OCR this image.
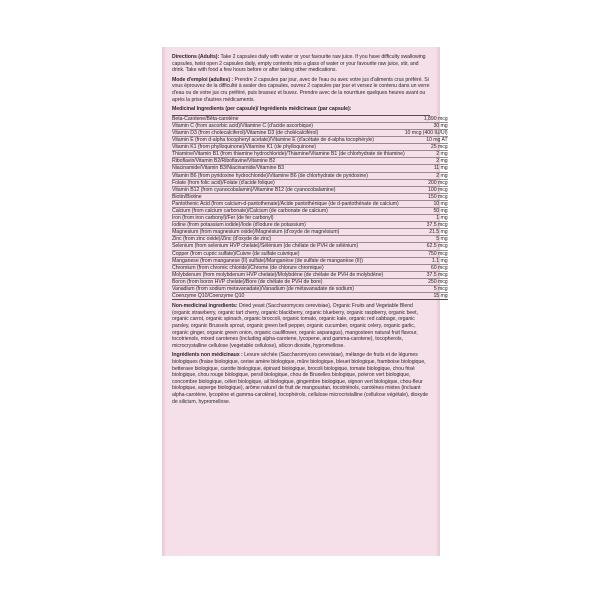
Directions (Adults): Take 2 capsules daily with water or your favourite raw juice. If you have difficulty swallowing capsules, twist open 2 capsules daily, empty contents into a glass of water or your favourite raw juice, stir, and drink. Take with food a few hours before or after taking other medications.

Mode d'emploi (adultes) : Prendre 2 capsules par jour, avec de l'eau ou avec votre jus d'aliments crus préféré. Si vous éprouvez de la difficulté à avaler des capsules, ouvrez 2 capsules par jour et versez le contenu dans un verre d'eau ou de votre jus cru préféré, puis brassez et buvez. Prendre avec de la nourriture quelques heures avant ou après la prise d'autres médicaments.

Medicinal Ingredients (per capsule)/ Ingrédients médicinaux (par capsule):
Beta-Carotene/Bêta-carotène	1,890 mcg
Vitamin C (from ascorbic acid)/Vitamine C (d'acide ascorbique)	30 mg
Vitamin D3 (from cholecalciferol)/Vitamine D3 (de cholécalciférol)	10 mcg (400 IU/UI)
Vitamin E (from d-alpha tocopheryl acetate)/Vitamine E (d'acétate de d-alpha tocophéryle)	10 mg AT
Vitamin K1 (from phylloquinone)/Vitamine K1 (de phylloquinone)	25 mcg
Thiamine/Vitamin B1 (from thiamine hydrochloride)/Thiamine/Vitamine B1 (de chlorhydrate de thiamine)	2 mg
Riboflavin/Vitamin B2/Riboflavine/Vitamine B2	2 mg
Niacinamide/Vitamin B3/Niacinamide/Vitamine B3	11 mg
Vitamin B6 (from pyridoxine hydrochloride)/Vitamine B6 (de chlorhydrate de pyridoxine)	2 mg
Folate (from folic acid)/Folate (d'acide folique)	200 mcg
Vitamin B12 (from cyanocobalamin)/Vitamine B12 (de cyanocobalamine)	100 mcg
Biotin/Biotine	150 mcg
Pantothenic Acid (from calcium-d-pantothenate)/Acide pantothénique (de d-pantothénate de calcium)	10 mg
Calcium (from calcium carbonate)/Calcium (de carbonate de calcium)	50 mg
Iron (from iron carbonyl)/Fer (de fer carbonyl)	1 mg
Iodine (from potassium iodide)/Iode (d'iodure de potassium)	37.5 mcg
Magnesium (from magnesium oxide)/Magnésium (d'oxyde de magnésium)	21.5 mg
Zinc (from zinc oxide)/Zinc (d'oxyde de zinc)	5 mg
Selenium (from selenium HVP chelate)/Sélénium (de chélate de PVH de sélénium)	62.5 mcg
Copper (from cupric sulfate)/Cuivre (de sulfate cuivrique)	750 mcg
Manganese (from manganese (II) sulfate)/Manganèse (de sulfate de manganèse (II))	1.1 mg
Chromium (from chromic chloride)/Chrome (de chlorure chromique)	60 mcg
Molybdenum (from molybdenum HVP chelate)/Molybdène (de chélate de PVH de molybdène)	37.5 mcg
Boron (from boron HVP chelate)/Bore (de chélate de PVH de bore)	250 mcg
Vanadium (from sodium metavanadate)/Vanadium (de métavanadate de sodium)	5 mcg
Coenzyme Q10/Coenzyme Q10	15 mg

Non-medicinal ingredients: Dried yeast (Saccharomyces cerevisiae), Organic Fruits and Vegetable Blend (organic strawberry, organic tart cherry, organic blackberry, organic blueberry, organic raspberry, organic beet, organic carrot, organic spinach, organic broccoli, organic tomato, organic kale, organic red cabbage, organic parsley, organic Brussels sprout, organic green bell pepper, organic cucumber, organic celery, organic garlic, organic ginger, organic green onion, organic cauliflower, organic asparagus), mangosteen natural fruit flavour, tocotrienols, mixed carotenes (including alpha-carotene, lycopene, and gamma-carotene), tocopherols, microcrystalline cellulose (vegetable cellulose), silicon dioxide, hypromellose.

Ingrédients non médicinaux : Levure séchée (Saccharomyces cerevisiae), mélange de fruits et de légumes biologiques (fraise biologique, cerise amère biologique, mûre biologique, bleuet biologique, framboise biologique, betterave biologique, carotte biologique, épinard biologique, brocoli biologique, tomate biologique, chou frisé biologique, chou rouge biologique, persil biologique, chou de Bruxelles biologique, poivron vert biologique, concombre biologique, céleri biologique, ail biologique, gingembre biologique, oignon vert biologique, chou-fleur biologique, asperge biologique), arôme naturel de fruit de mangoustan, tocotriénols, carotènes mixtes (incluant alpha-carotène, lycopène et gamma-carotène), tocophérols, cellulose microcristalline (cellulose végétale), dioxyde de silicium, hypromellose.
